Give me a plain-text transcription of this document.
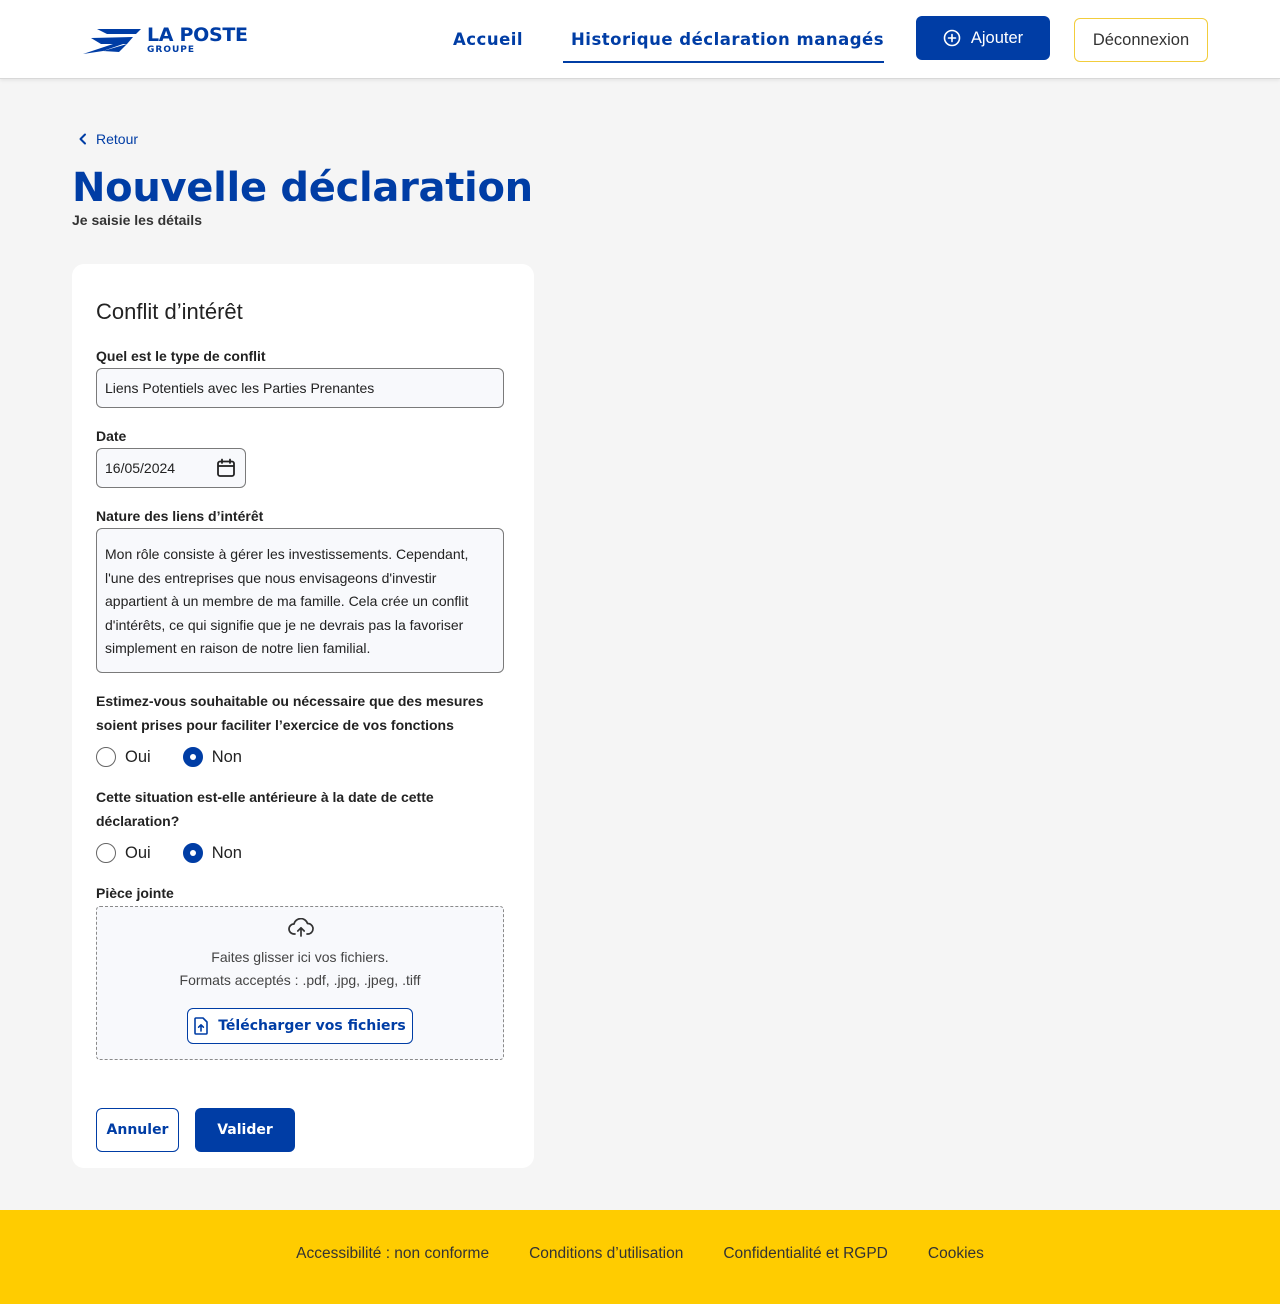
LA POSTE
GROUPE
Accueil	Historique déclaration managés	Ajouter	Déconnexion
Retour
Nouvelle déclaration
Je saisie les détails
Conflit d’intérêt
Quel est le type de conflit
Liens Potentiels avec les Parties Prenantes
Date
16/05/2024
Nature des liens d’intérêt
Mon rôle consiste à gérer les investissements. Cependant, l'une des entreprises que nous envisageons d'investir appartient à un membre de ma famille. Cela crée un conflit d'intérêts, ce qui signifie que je ne devrais pas la favoriser simplement en raison de notre lien familial.
Estimez-vous souhaitable ou nécessaire que des mesures
soient prises pour faciliter l’exercice de vos fonctions
Oui	Non
Cette situation est-elle antérieure à la date de cette
déclaration?
Oui	Non
Pièce jointe
Faites glisser ici vos fichiers.
Formats acceptés : .pdf, .jpg, .jpeg, .tiff
Télécharger vos fichiers
Annuler	Valider
Accessibilité : non conforme	Conditions d’utilisation	Confidentialité et RGPD	Cookies
